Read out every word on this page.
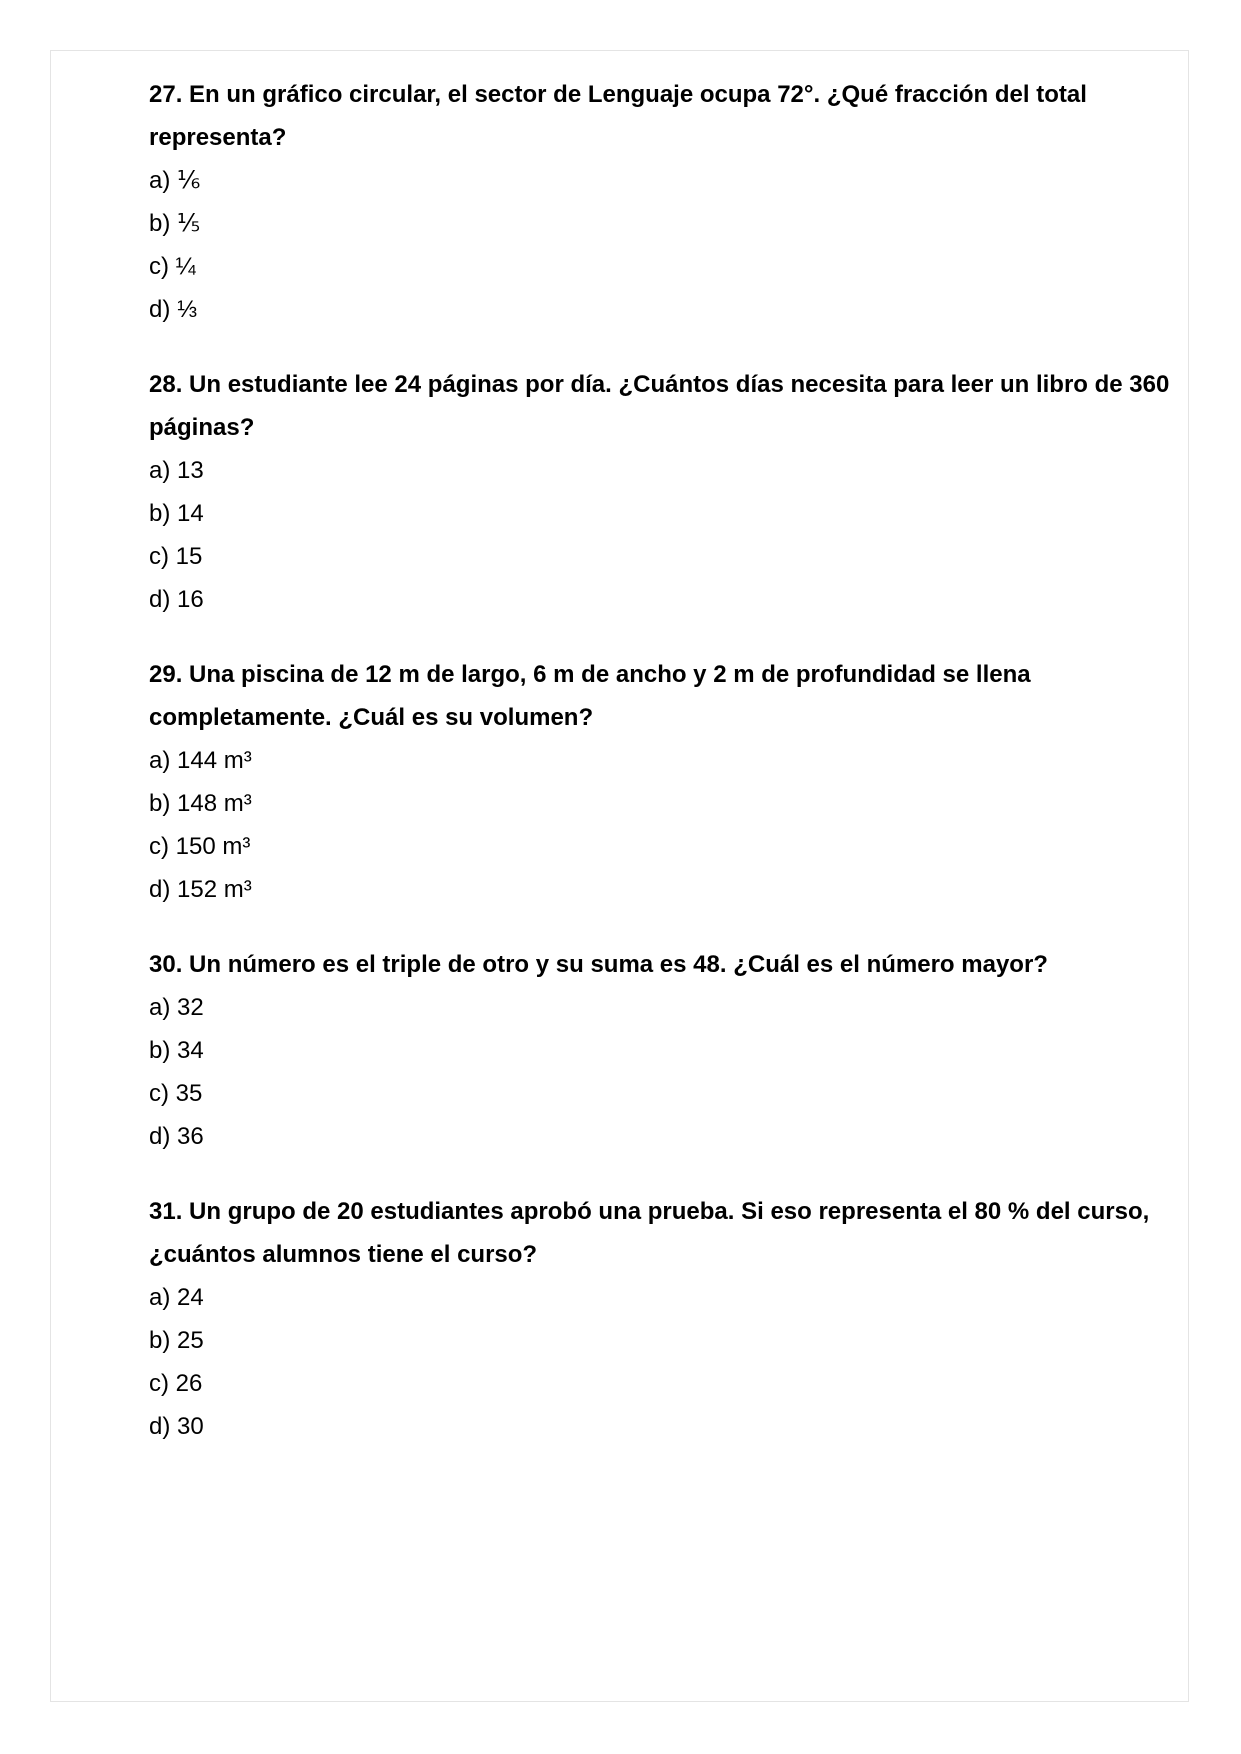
27. En un gráfico circular, el sector de Lenguaje ocupa 72°. ¿Qué fracción del total representa?

a) ⅙

b) ⅕

c) ¼

d) ⅓

28. Un estudiante lee 24 páginas por día. ¿Cuántos días necesita para leer un libro de 360 páginas?

a) 13

b) 14

c) 15

d) 16

29. Una piscina de 12 m de largo, 6 m de ancho y 2 m de profundidad se llena completamente. ¿Cuál es su volumen?

a) 144 m³

b) 148 m³

c) 150 m³

d) 152 m³

30. Un número es el triple de otro y su suma es 48. ¿Cuál es el número mayor?

a) 32

b) 34

c) 35

d) 36

31. Un grupo de 20 estudiantes aprobó una prueba. Si eso representa el 80 % del curso, ¿cuántos alumnos tiene el curso?

a) 24

b) 25

c) 26

d) 30
